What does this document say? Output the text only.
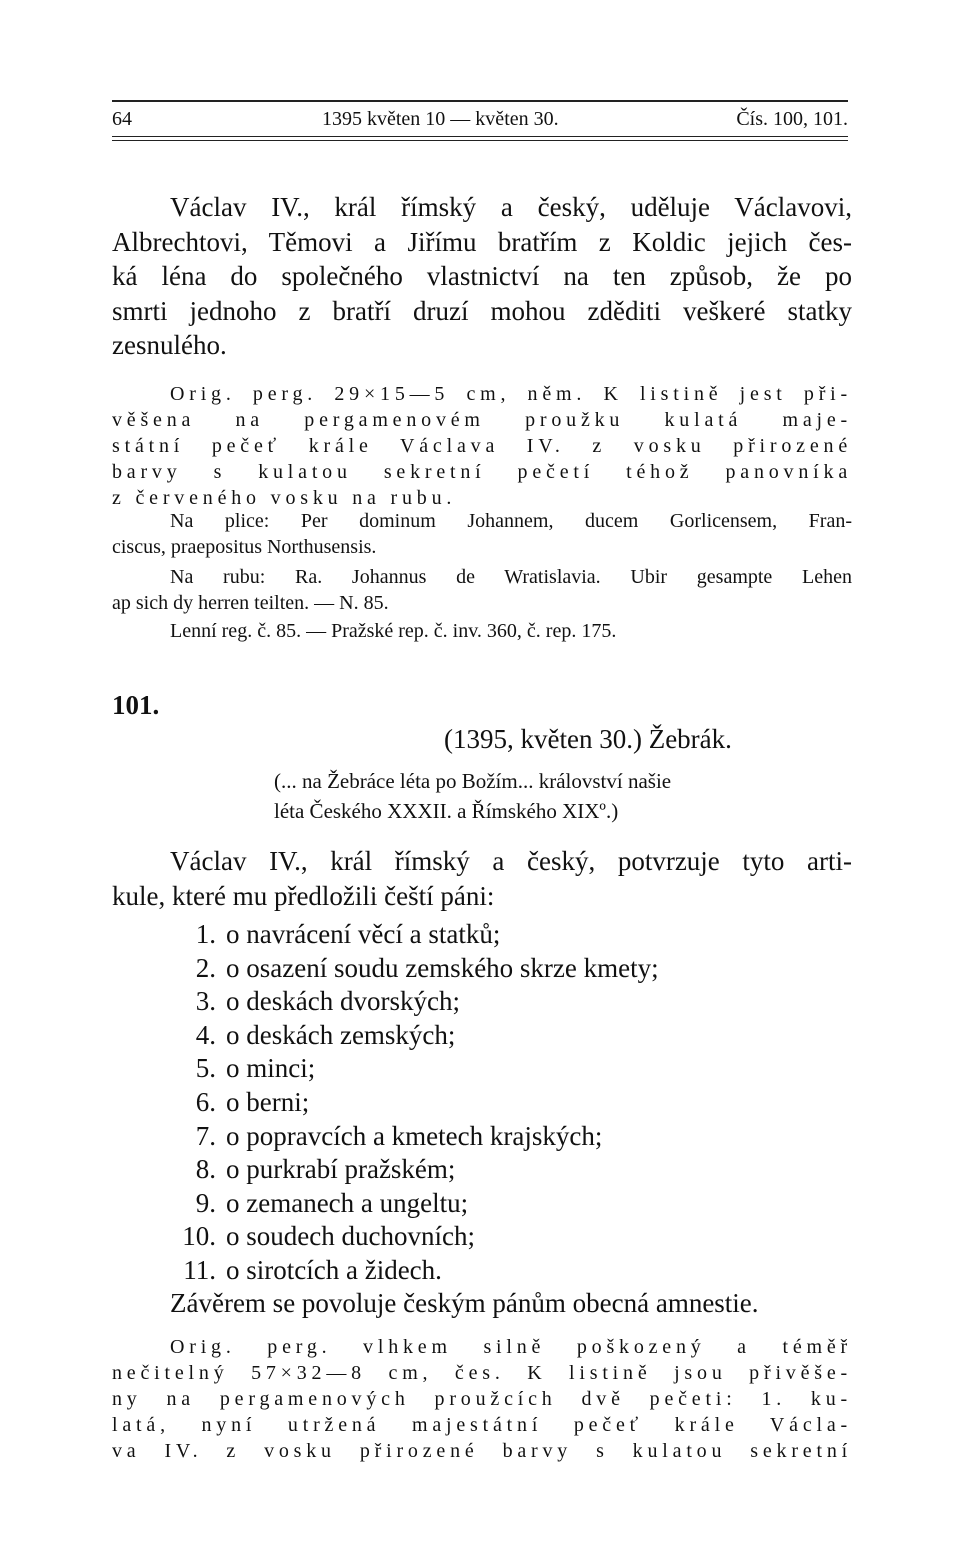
64	1395 květen 10 — květen 30.	Čís. 100, 101.
Václav IV., král římský a český, uděluje Václavovi,
Albrechtovi, Těmovi a Jiřímu bratřím z Koldic jejich čes-
ká léna do společného vlastnictví na ten způsob, že po
smrti jednoho z bratří druzí mohou zděditi veškeré statky
zesnulého.
Orig. perg. 29×15—5 cm, něm. K listině jest při-
věšena na pergamenovém proužku kulatá maje-
státní pečeť krále Václava IV. z vosku přirozené
barvy s kulatou sekretní pečetí téhož panovníka
z červeného vosku na rubu.
Na plice: Per dominum Johannem, ducem Gorlicensem, Fran-
ciscus, praepositus Northusensis.
Na rubu: Ra. Johannus de Wratislavia. Ubir gesampte Lehen
ap sich dy herren teilten. — N. 85.
Lenní reg. č. 85. — Pražské rep. č. inv. 360, č. rep. 175.
101.
(1395, květen 30.) Žebrák.

(... na Žebráce léta po Božím... království našie

léta Českého XXXII. a Římského XIXº.)

Václav IV., král římský a český, potvrzuje tyto arti-
kule, které mu předložili čeští páni:
1. o navrácení věcí a statků;
2. o osazení soudu zemského skrze kmety;
3. o deskách dvorských;
4. o deskách zemských;
5. o minci;
6. o berni;
7. o popravcích a kmetech krajských;
8. o purkrabí pražském;
9. o zemanech a ungeltu;
10. o soudech duchovních;
11. o sirotcích a židech.
Závěrem se povoluje českým pánům obecná amnestie.
Orig. perg. vlhkem silně poškozený a téměř
nečitelný 57×32—8 cm, čes. K listině jsou přivěše-
ny na pergamenových proužcích dvě pečeti: 1. ku-
latá, nyní utržená majestátní pečeť krále Václa-
va IV. z vosku přirozené barvy s kulatou sekretní
